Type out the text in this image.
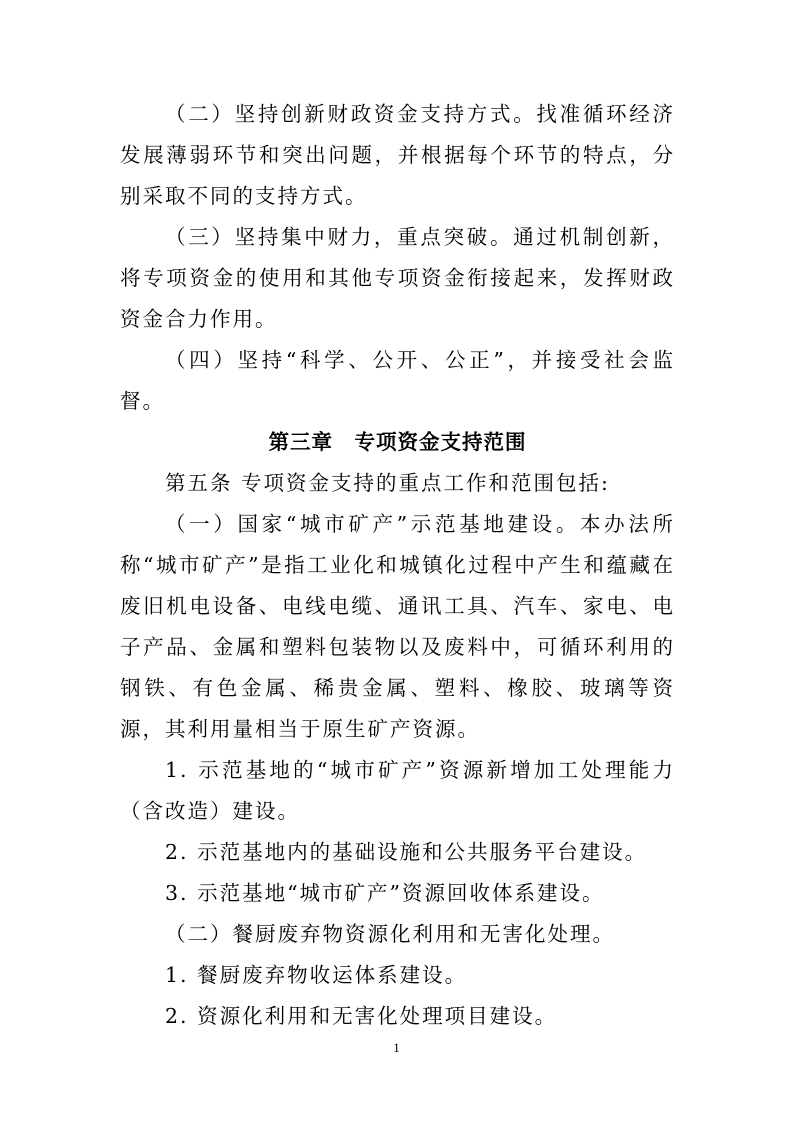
（二）坚持创新财政资金支持方式。找准循环经济发展薄弱环节和突出问题，并根据每个环节的特点，分别采取不同的支持方式。

（三）坚持集中财力，重点突破。通过机制创新，将专项资金的使用和其他专项资金衔接起来，发挥财政资金合力作用。

（四）坚持“科学、公开、公正”，并接受社会监督。

第三章　专项资金支持范围

第五条 专项资金支持的重点工作和范围包括:

（一）国家“城市矿产”示范基地建设。本办法所称“城市矿产”是指工业化和城镇化过程中产生和蕴藏在废旧机电设备、电线电缆、通讯工具、汽车、家电、电子产品、金属和塑料包装物以及废料中，可循环利用的钢铁、有色金属、稀贵金属、塑料、橡胶、玻璃等资源，其利用量相当于原生矿产资源。

1. 示范基地的“城市矿产”资源新增加工处理能力（含改造）建设。

2. 示范基地内的基础设施和公共服务平台建设。

3. 示范基地“城市矿产”资源回收体系建设。

（二）餐厨废弃物资源化利用和无害化处理。

1. 餐厨废弃物收运体系建设。

2. 资源化利用和无害化处理项目建设。

1
